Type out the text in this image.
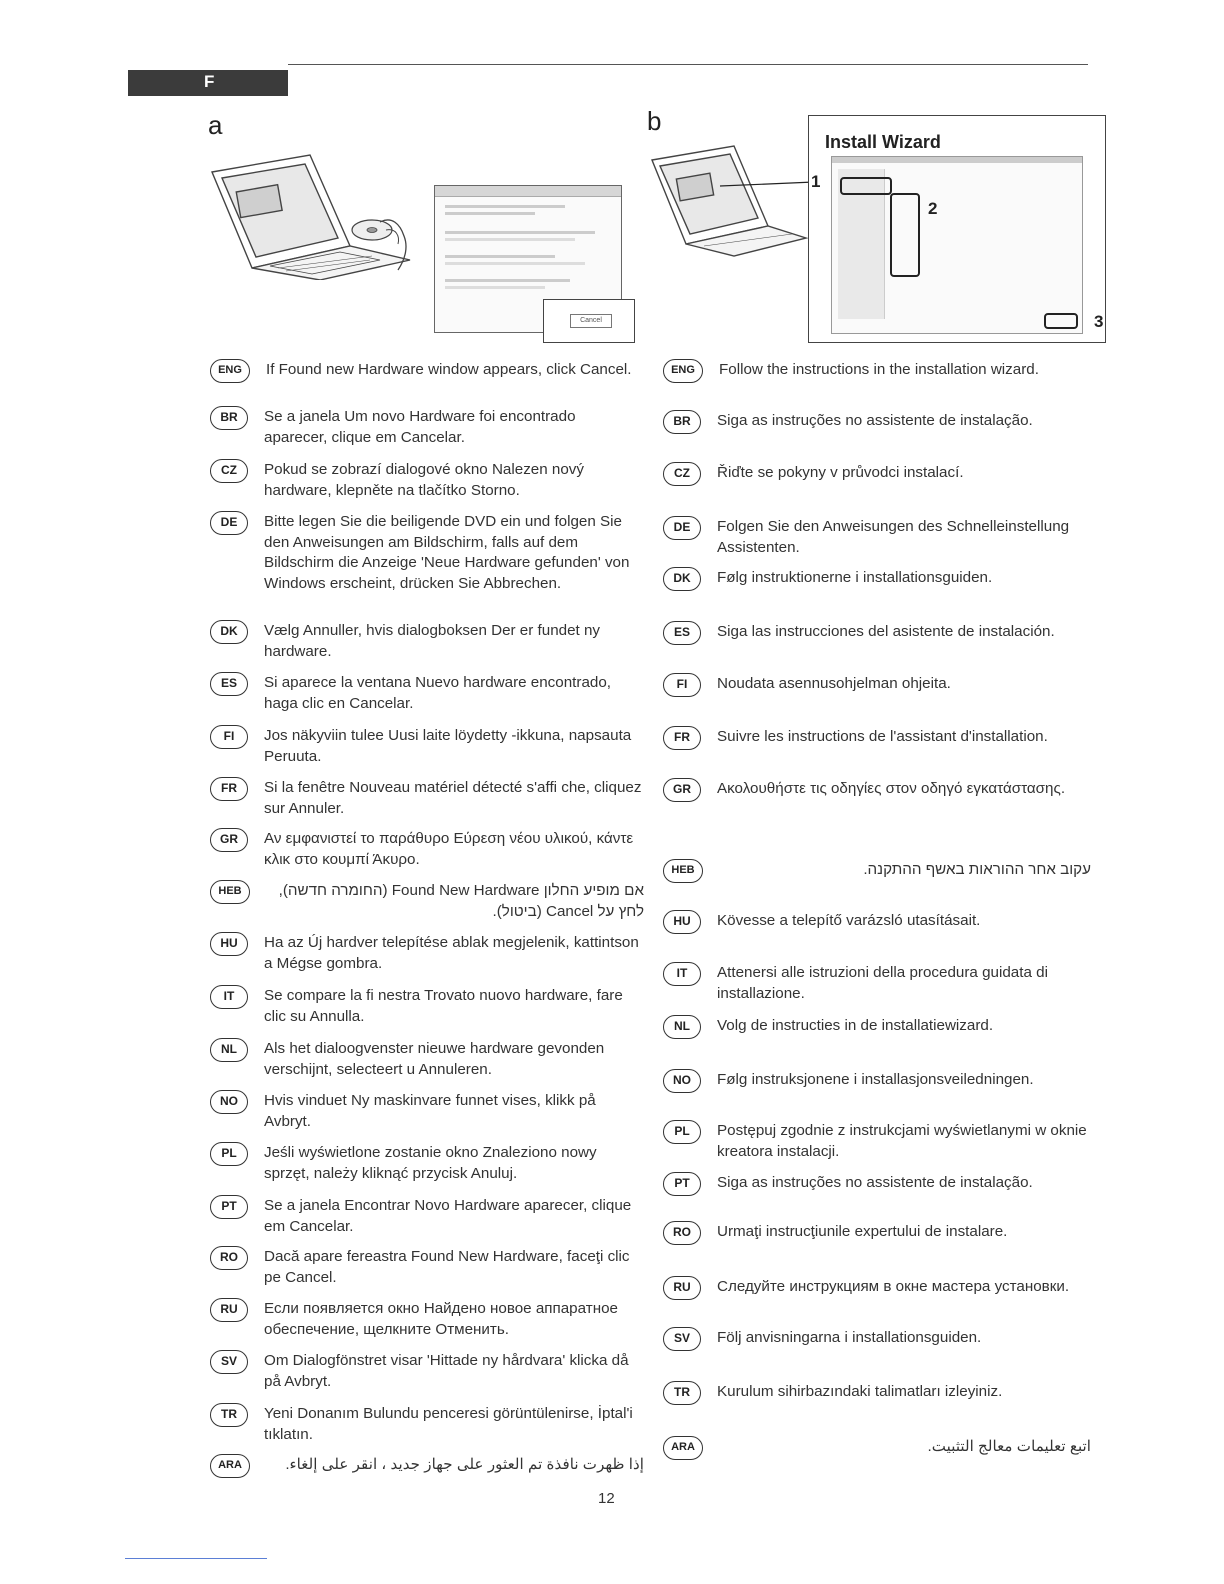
F
a	b
Cancel
Install Wizard
1
2
3
ENG	If Found new Hardware window appears, click Cancel.
BR	Se a janela Um novo Hardware foi encontrado aparecer, clique em Cancelar.
CZ	Pokud se zobrazí dialogové okno Nalezen nový hardware, klepněte na tlačítko Storno.
DE	Bitte legen Sie die beiligende DVD ein und folgen Sie den Anweisungen am Bildschirm, falls auf dem Bildschirm die Anzeige 'Neue Hardware gefunden' von Windows erscheint, drücken Sie Abbrechen.
DK	Vælg Annuller, hvis dialogboksen Der er fundet ny hardware.
ES	Si aparece la ventana Nuevo hardware encontrado, haga clic en Cancelar.
FI	Jos näkyviin tulee Uusi laite löydetty -ikkuna, napsauta Peruuta.
FR	Si la fenêtre Nouveau matériel détecté s'affi che, cliquez sur Annuler.
GR	Αν εμφανιστεί το παράθυρο Εύρεση νέου υλικού, κάντε κλικ στο κουμπί Άκυρο.
HEB	אם מופיע החלון Found New Hardware (החומרה חדשה), לחץ על Cancel (ביטול).
HU	Ha az Új hardver telepítése ablak megjelenik, kattintson a Mégse gombra.
IT	Se compare la fi nestra Trovato nuovo hardware, fare clic su Annulla.
NL	Als het dialoogvenster nieuwe hardware gevonden verschijnt, selecteert u Annuleren.
NO	Hvis vinduet Ny maskinvare funnet vises, klikk på Avbryt.
PL	Jeśli wyświetlone zostanie okno Znaleziono nowy sprzęt, należy kliknąć przycisk Anuluj.
PT	Se a janela Encontrar Novo Hardware aparecer, clique em Cancelar.
RO	Dacă apare fereastra Found New Hardware, faceţi clic pe Cancel.
RU	Если появляется окно Найдено новое аппаратное обеспечение, щелкните Отменить.
SV	Om Dialogfönstret visar 'Hittade ny hårdvara' klicka då på Avbryt.
TR	Yeni Donanım Bulundu penceresi görüntülenirse, İptal'i tıklatın.
ARA	إذا ظهرت نافذة تم العثور على جهاز جديد ، انقر على إلغاء.
ENG	Follow the instructions in the installation wizard.
BR	Siga as instruções no assistente de instalação.
CZ	Řiďte se pokyny v průvodci instalací.
DE	Folgen Sie den Anweisungen des Schnelleinstellung Assistenten.
DK	Følg instruktionerne i installationsguiden.
ES	Siga las instrucciones del asistente de instalación.
FI	Noudata asennusohjelman ohjeita.
FR	Suivre les instructions de l'assistant d'installation.
GR	Ακολουθήστε τις οδηγίες στον οδηγό εγκατάστασης.
HEB	עקוב אחר ההוראות באשף ההתקנה.
HU	Kövesse a telepítő varázsló utasításait.
IT	Attenersi alle istruzioni della procedura guidata di installazione.
NL	Volg de instructies in de installatiewizard.
NO	Følg instruksjonene i installasjonsveiledningen.
PL	Postępuj zgodnie z instrukcjami wyświetlanymi w oknie kreatora instalacji.
PT	Siga as instruções no assistente de instalação.
RO	Urmaţi instrucţiunile expertului de instalare.
RU	Следуйте инструкциям в окне мастера установки.
SV	Följ anvisningarna i installationsguiden.
TR	Kurulum sihirbazındaki talimatları izleyiniz.
ARA	اتبع تعليمات معالج التثبيت.
12
